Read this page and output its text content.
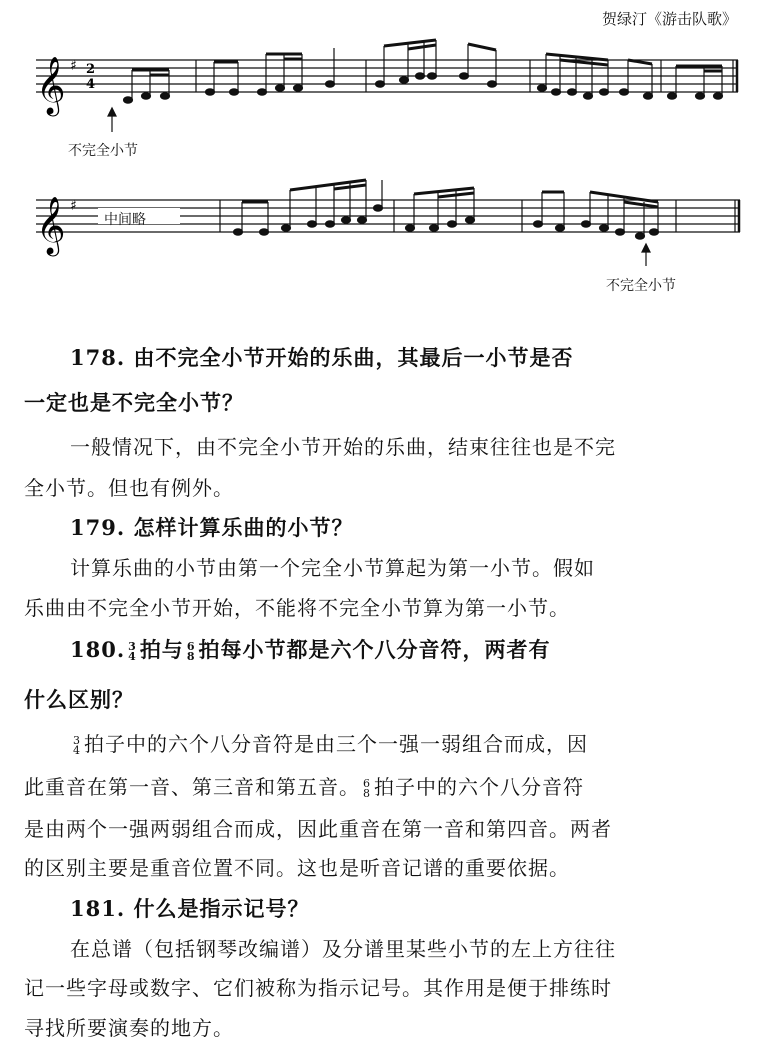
贺绿汀《游击队歌》
𝄞 ♯ 2
4
不完全小节
𝄞 ♯
中间略
不完全小节
178. 由不完全小节开始的乐曲，其最后一小节是否
一定也是不完全小节？
一般情况下，由不完全小节开始的乐曲，结束往往也是不完
全小节。但也有例外。
179. 怎样计算乐曲的小节？
计算乐曲的小节由第一个完全小节算起为第一小节。假如
乐曲由不完全小节开始，不能将不完全小节算为第一小节。
180. 3
4 拍与 6
8 拍每小节都是六个八分音符，两者有
什么区别？
3
4 拍子中的六个八分音符是由三个一强一弱组合而成，因
此重音在第一音、第三音和第五音。 6
8 拍子中的六个八分音符
是由两个一强两弱组合而成，因此重音在第一音和第四音。两者
的区别主要是重音位置不同。这也是听音记谱的重要依据。
181. 什么是指示记号？
在总谱（包括钢琴改编谱）及分谱里某些小节的左上方往往
记一些字母或数字、它们被称为指示记号。其作用是便于排练时
寻找所要演奏的地方。
